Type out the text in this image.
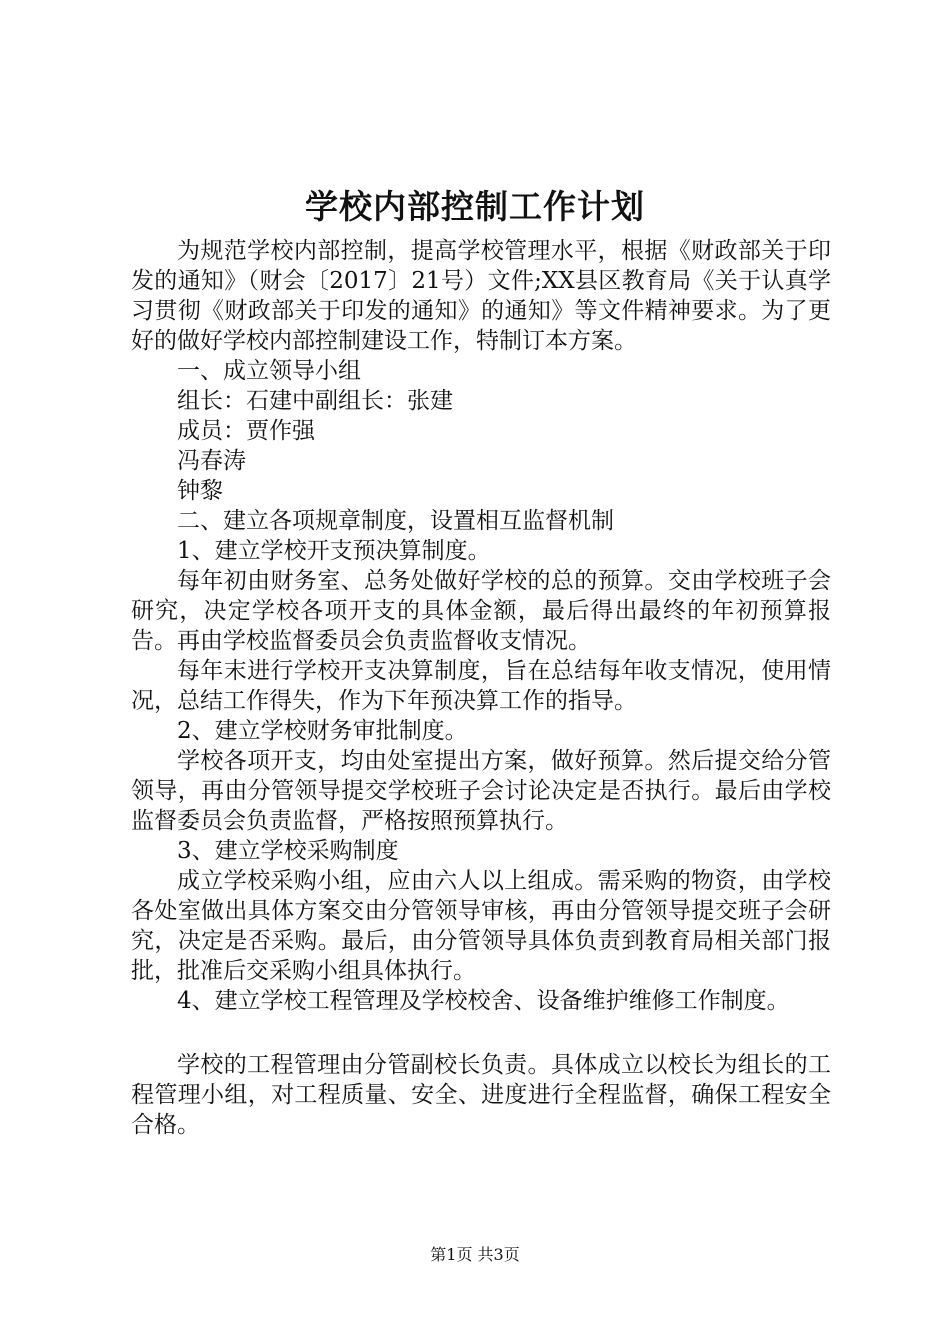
学校内部控制工作计划

为规范学校内部控制，提高学校管理水平，根据《财政部关于印发的通知》（财会〔2017〕21号）文件;XX县区教育局《关于认真学习贯彻《财政部关于印发的通知》的通知》等文件精神要求。为了更好的做好学校内部控制建设工作，特制订本方案。

一、成立领导小组

组长：石建中副组长：张建

成员：贾作强

冯春涛

钟黎

二、建立各项规章制度，设置相互监督机制

1、建立学校开支预决算制度。

每年初由财务室、总务处做好学校的总的预算。交由学校班子会研究，决定学校各项开支的具体金额，最后得出最终的年初预算报告。再由学校监督委员会负责监督收支情况。

每年末进行学校开支决算制度，旨在总结每年收支情况，使用情况，总结工作得失，作为下年预决算工作的指导。

2、建立学校财务审批制度。

学校各项开支，均由处室提出方案，做好预算。然后提交给分管领导，再由分管领导提交学校班子会讨论决定是否执行。最后由学校监督委员会负责监督，严格按照预算执行。

3、建立学校采购制度

成立学校采购小组，应由六人以上组成。需采购的物资，由学校各处室做出具体方案交由分管领导审核，再由分管领导提交班子会研究，决定是否采购。最后，由分管领导具体负责到教育局相关部门报批，批准后交采购小组具体执行。

4、建立学校工程管理及学校校舍、设备维护维修工作制度。

学校的工程管理由分管副校长负责。具体成立以校长为组长的工程管理小组，对工程质量、安全、进度进行全程监督，确保工程安全合格。

第1页 共3页
